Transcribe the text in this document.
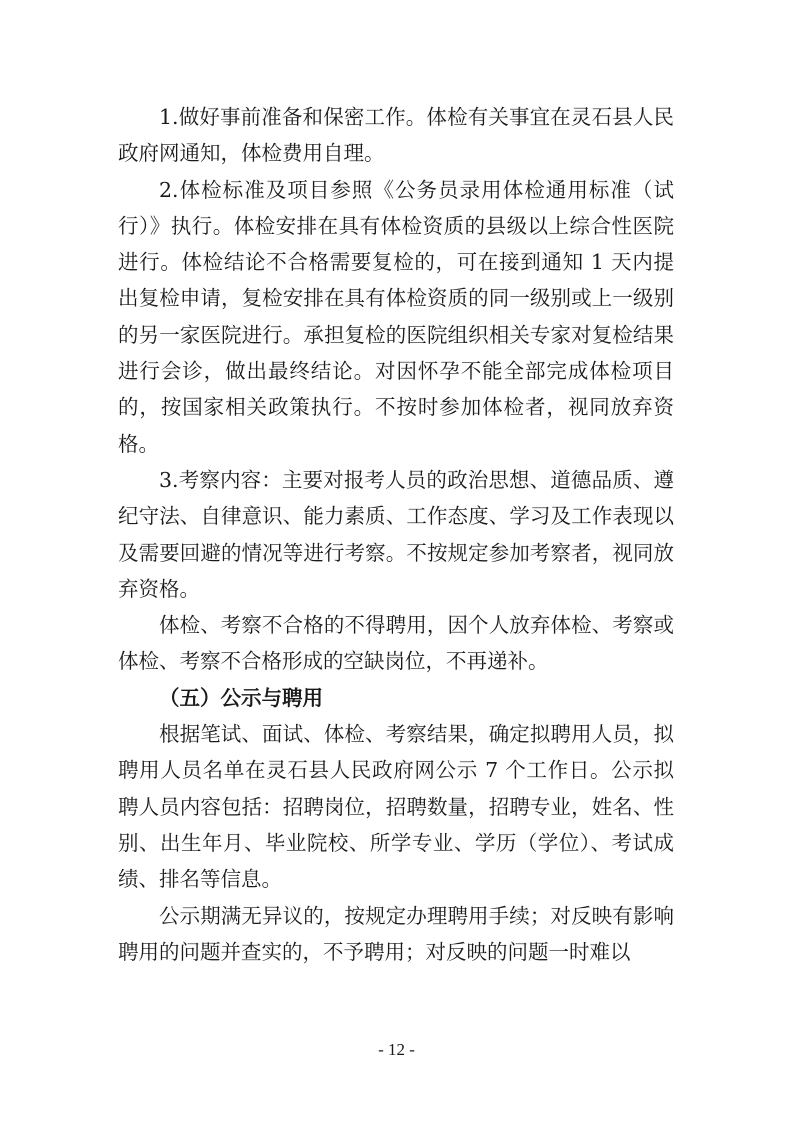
1.做好事前准备和保密工作。体检有关事宜在灵石县人民政府网通知，体检费用自理。

2.体检标准及项目参照《公务员录用体检通用标准（试行）》执行。体检安排在具有体检资质的县级以上综合性医院进行。体检结论不合格需要复检的，可在接到通知 1 天内提出复检申请，复检安排在具有体检资质的同一级别或上一级别的另一家医院进行。承担复检的医院组织相关专家对复检结果进行会诊，做出最终结论。对因怀孕不能全部完成体检项目的，按国家相关政策执行。不按时参加体检者，视同放弃资格。

3.考察内容：主要对报考人员的政治思想、道德品质、遵纪守法、自律意识、能力素质、工作态度、学习及工作表现以及需要回避的情况等进行考察。不按规定参加考察者，视同放弃资格。

体检、考察不合格的不得聘用，因个人放弃体检、考察或体检、考察不合格形成的空缺岗位，不再递补。

（五）公示与聘用

根据笔试、面试、体检、考察结果，确定拟聘用人员，拟聘用人员名单在灵石县人民政府网公示 7 个工作日。公示拟聘人员内容包括：招聘岗位，招聘数量，招聘专业，姓名、性别、出生年月、毕业院校、所学专业、学历（学位）、考试成绩、排名等信息。

公示期满无异议的，按规定办理聘用手续；对反映有影响聘用的问题并查实的，不予聘用；对反映的问题一时难以

- 12 -
